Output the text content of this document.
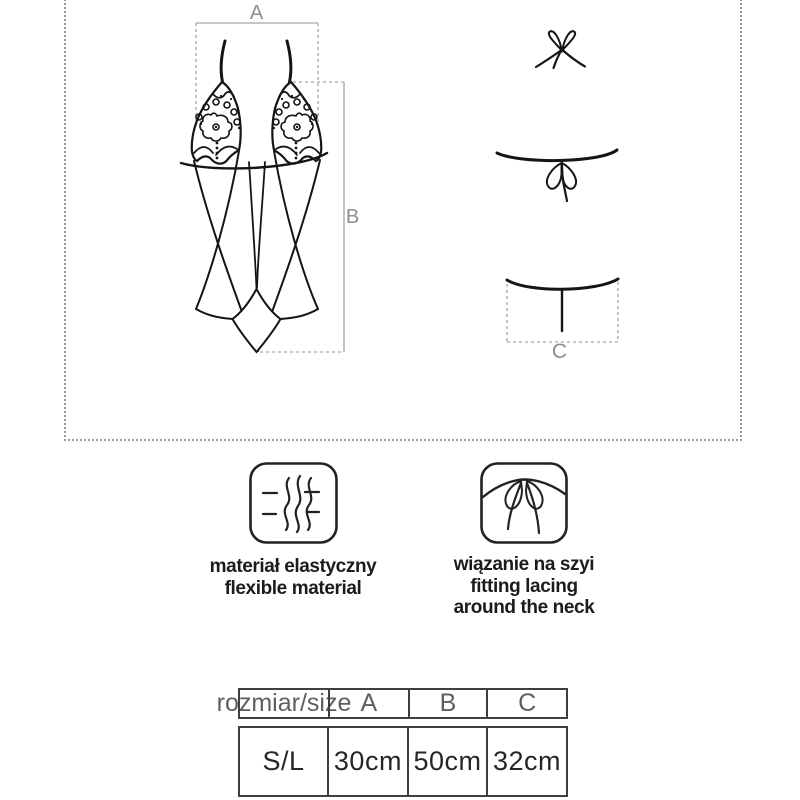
A
B
C
materiał elastyczny
flexible material
wiązanie na szyi
fitting lacing
around the neck
rozmiar/size A	B	C
S/L	30cm 50cm 32cm
